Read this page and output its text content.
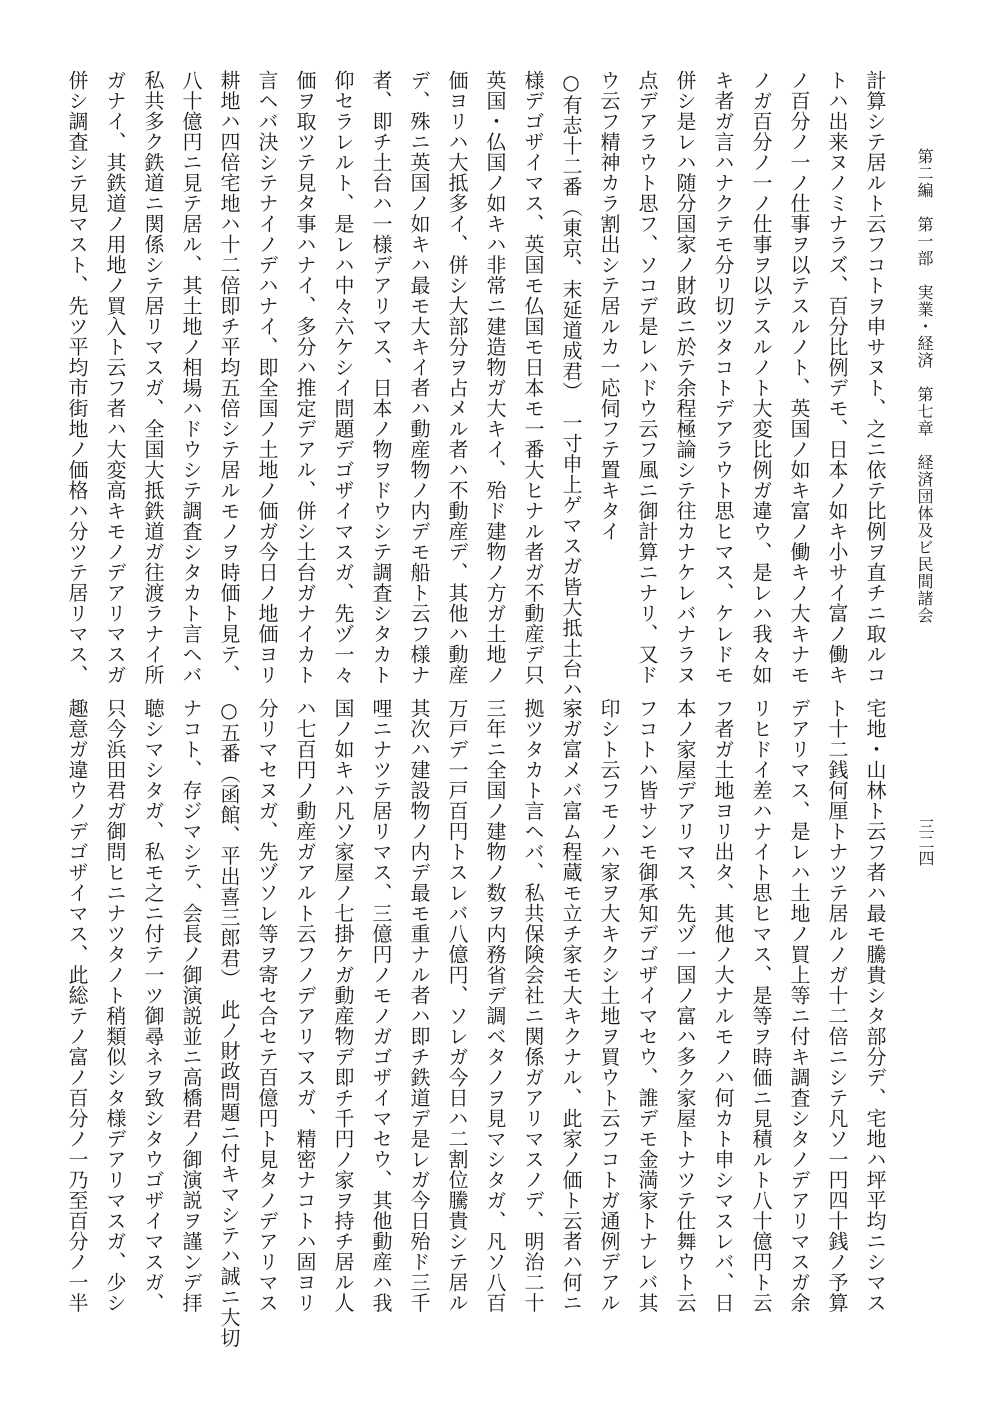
第二編　第一部　実業・経済　第七章　経済団体及ビ民間諸会
三二四
計算シテ居ルト云フコトヲ申サヌト、之ニ依テ比例ヲ直チニ取ルコ
トハ出来ヌノミナラズ、百分比例デモ、日本ノ如キ小サイ富ノ働キ
ノ百分ノ一ノ仕事ヲ以テスルノト、英国ノ如キ富ノ働キノ大キナモ
ノガ百分ノ一ノ仕事ヲ以テスルノト大変比例ガ違ウ、是レハ我々如
キ者ガ言ハナクテモ分リ切ツタコトデアラウト思ヒマス、ケレドモ
併シ是レハ随分国家ノ財政ニ於テ余程極論シテ往カナケレバナラヌ
点デアラウト思フ、ソコデ是レハドウ云フ風ニ御計算ニナリ、又ド
ウ云フ精神カラ割出シテ居ルカ一応伺フテ置キタイ
○有志十二番（東京、末延道成君）　一寸申上ゲマスガ皆大抵土台ハ一
様デゴザイマス、英国モ仏国モ日本モ一番大ヒナル者ガ不動産デ只
英国・仏国ノ如キハ非常ニ建造物ガ大キイ、殆ド建物ノ方ガ土地ノ
価ヨリハ大抵多イ、併シ大部分ヲ占メル者ハ不動産デ、其他ハ動産
デ、殊ニ英国ノ如キハ最モ大キイ者ハ動産物ノ内デモ船ト云フ様ナ
者、即チ土台ハ一様デアリマス、日本ノ物ヲドウシテ調査シタカト
仰セラレルト、是レハ中々六ケシイ問題デゴザイマスガ、先ヅ一々
価ヲ取ツテ見タ事ハナイ、多分ハ推定デアル、併シ土台ガナイカト
言ヘバ決シテナイノデハナイ、即全国ノ土地ノ価ガ今日ノ地価ヨリ
耕地ハ四倍宅地ハ十二倍即チ平均五倍シテ居ルモノヲ時価ト見テ、
八十億円ニ見テ居ル、其土地ノ相場ハドウシテ調査シタカト言ヘバ
私共多ク鉄道ニ関係シテ居リマスガ、全国大抵鉄道ガ往渡ラナイ所
ガナイ、其鉄道ノ用地ノ買入ト云フ者ハ大変高キモノデアリマスガ
併シ調査シテ見マスト、先ツ平均市街地ノ価格ハ分ツテ居リマス、
宅地・山林ト云フ者ハ最モ騰貴シタ部分デ、宅地ハ坪平均ニシマス
ト十二銭何厘トナツテ居ルノガ十二倍ニシテ凡ソ一円四十銭ノ予算
デアリマス、是レハ土地ノ買上等ニ付キ調査シタノデアリマスガ余
リヒドイ差ハナイト思ヒマス、是等ヲ時価ニ見積ルト八十億円ト云
フ者ガ土地ヨリ出タ、其他ノ大ナルモノハ何カト申シマスレバ、日
本ノ家屋デアリマス、先ヅ一国ノ富ハ多ク家屋トナツテ仕舞ウト云
フコトハ皆サンモ御承知デゴザイマセウ、誰デモ金満家トナレバ其
印シト云フモノハ家ヲ大キクシ土地ヲ買ウト云フコトガ通例デアル
家ガ富メバ富ム程蔵モ立チ家モ大キクナル、此家ノ価ト云者ハ何ニ
拠ツタカト言ヘバ、私共保険会社ニ関係ガアリマスノデ、明治二十
三年ニ全国ノ建物ノ数ヲ内務省デ調ベタノヲ見マシタガ、凡ソ八百
万戸デ一戸百円トスレバ八億円、ソレガ今日ハ二割位騰貴シテ居ル
其次ハ建設物ノ内デ最モ重ナル者ハ即チ鉄道デ是レガ今日殆ド三千
哩ニナツテ居リマス、三億円ノモノガゴザイマセウ、其他動産ハ我
国ノ如キハ凡ソ家屋ノ七掛ケガ動産物デ即チ千円ノ家ヲ持チ居ル人
ハ七百円ノ動産ガアルト云フノデアリマスガ、精密ナコトハ固ヨリ
分リマセヌガ、先ヅソレ等ヲ寄セ合セテ百億円ト見タノデアリマス
○五番（函館、平出喜三郎君）　此ノ財政問題ニ付キマシテハ誠ニ大切
ナコト、存ジマシテ、会長ノ御演説並ニ高橋君ノ御演説ヲ謹ンデ拝
聴シマシタガ、私モ之ニ付テ一ツ御尋ネヲ致シタウゴザイマスガ、
只今浜田君ガ御問ヒニナツタノト稍類似シタ様デアリマスガ、少シ
趣意ガ違ウノデゴザイマス、此総テノ富ノ百分ノ一乃至百分ノ一半
